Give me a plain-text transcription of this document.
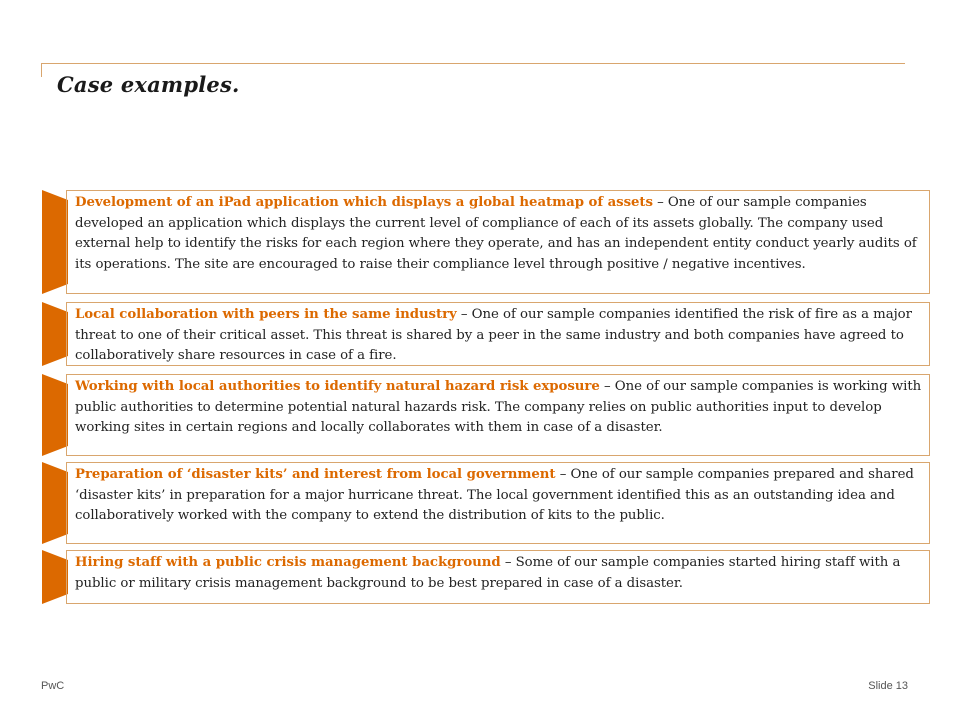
Case examples.
Development of an iPad application which displays a global heatmap of assets – One of our sample companies developed an application which displays the current level of compliance of each of its assets globally. The company used external help to identify the risks for each region where they operate, and has an independent entity conduct yearly audits of its operations. The site are encouraged to raise their compliance level through positive / negative incentives.
Local collaboration with peers in the same industry – One of our sample companies identified the risk of fire as a major threat to one of their critical asset. This threat is shared by a peer in the same industry and both companies have agreed to collaboratively share resources in case of a fire.
Working with local authorities to identify natural hazard risk exposure – One of our sample companies is working with public authorities to determine potential natural hazards risk. The company relies on public authorities input to develop working sites in certain regions and locally collaborates with them in case of a disaster.
Preparation of ‘disaster kits’ and interest from local government – One of our sample companies prepared and shared ‘disaster kits’ in preparation for a major hurricane threat. The local government identified this as an outstanding idea and collaboratively worked with the company to extend the distribution of kits to the public.
Hiring staff with a public crisis management background – Some of our sample companies started hiring staff with a public or military crisis management background to be best prepared in case of a disaster.
PwC	Slide 13
